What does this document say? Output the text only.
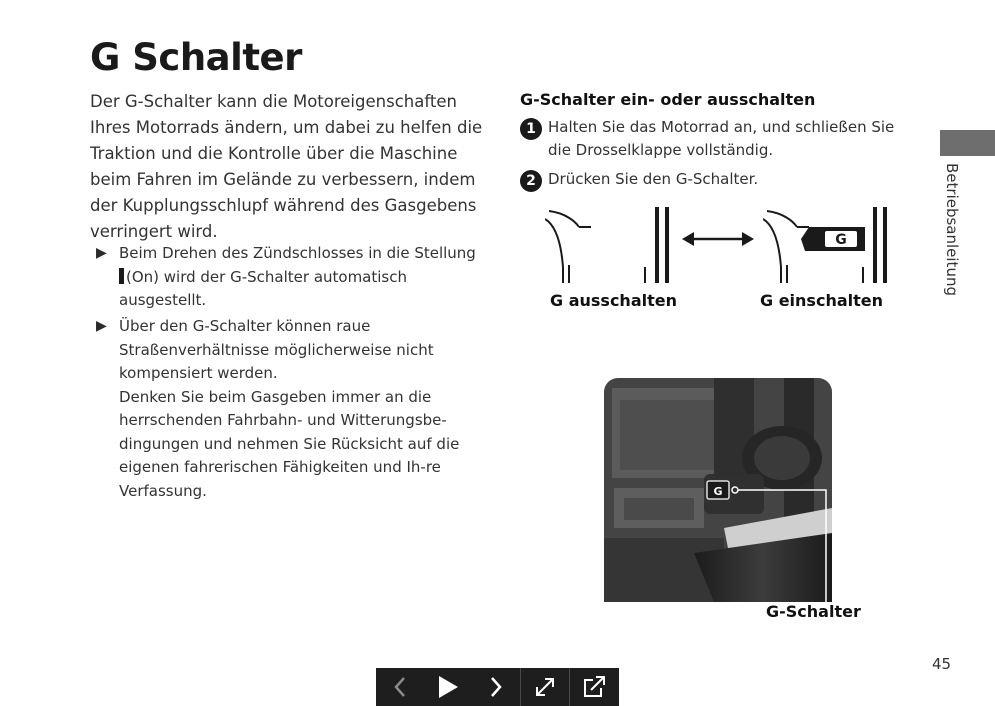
G Schalter

Der G-Schalter kann die Motoreigenschaften Ihres Motorrads ändern, um dabei zu helfen die Traktion und die Kontrolle über die Maschine beim Fahren im Gelände zu verbessern, indem der Kupplungsschlupf während des Gasgebens verringert wird.

▶ Beim Drehen des Zündschlosses in die Stellung
(On) wird der G-Schalter automatisch ausgestellt.
▶ Über den G-Schalter können raue Straßenverhältnisse möglicherweise nicht kompensiert werden.
Denken Sie beim Gasgeben immer an die herrschenden Fahrbahn- und Witterungsbe-dingungen und nehmen Sie Rücksicht auf die eigenen fahrerischen Fähigkeiten und Ih-re Verfassung.
G-Schalter ein- oder ausschalten
1 Halten Sie das Motorrad an, und schließen Sie die Drosselklappe vollständig.
2 Drücken Sie den G-Schalter.	Betriebsanleitung
G
G ausschalten	G einschalten
G
G-Schalter
45
